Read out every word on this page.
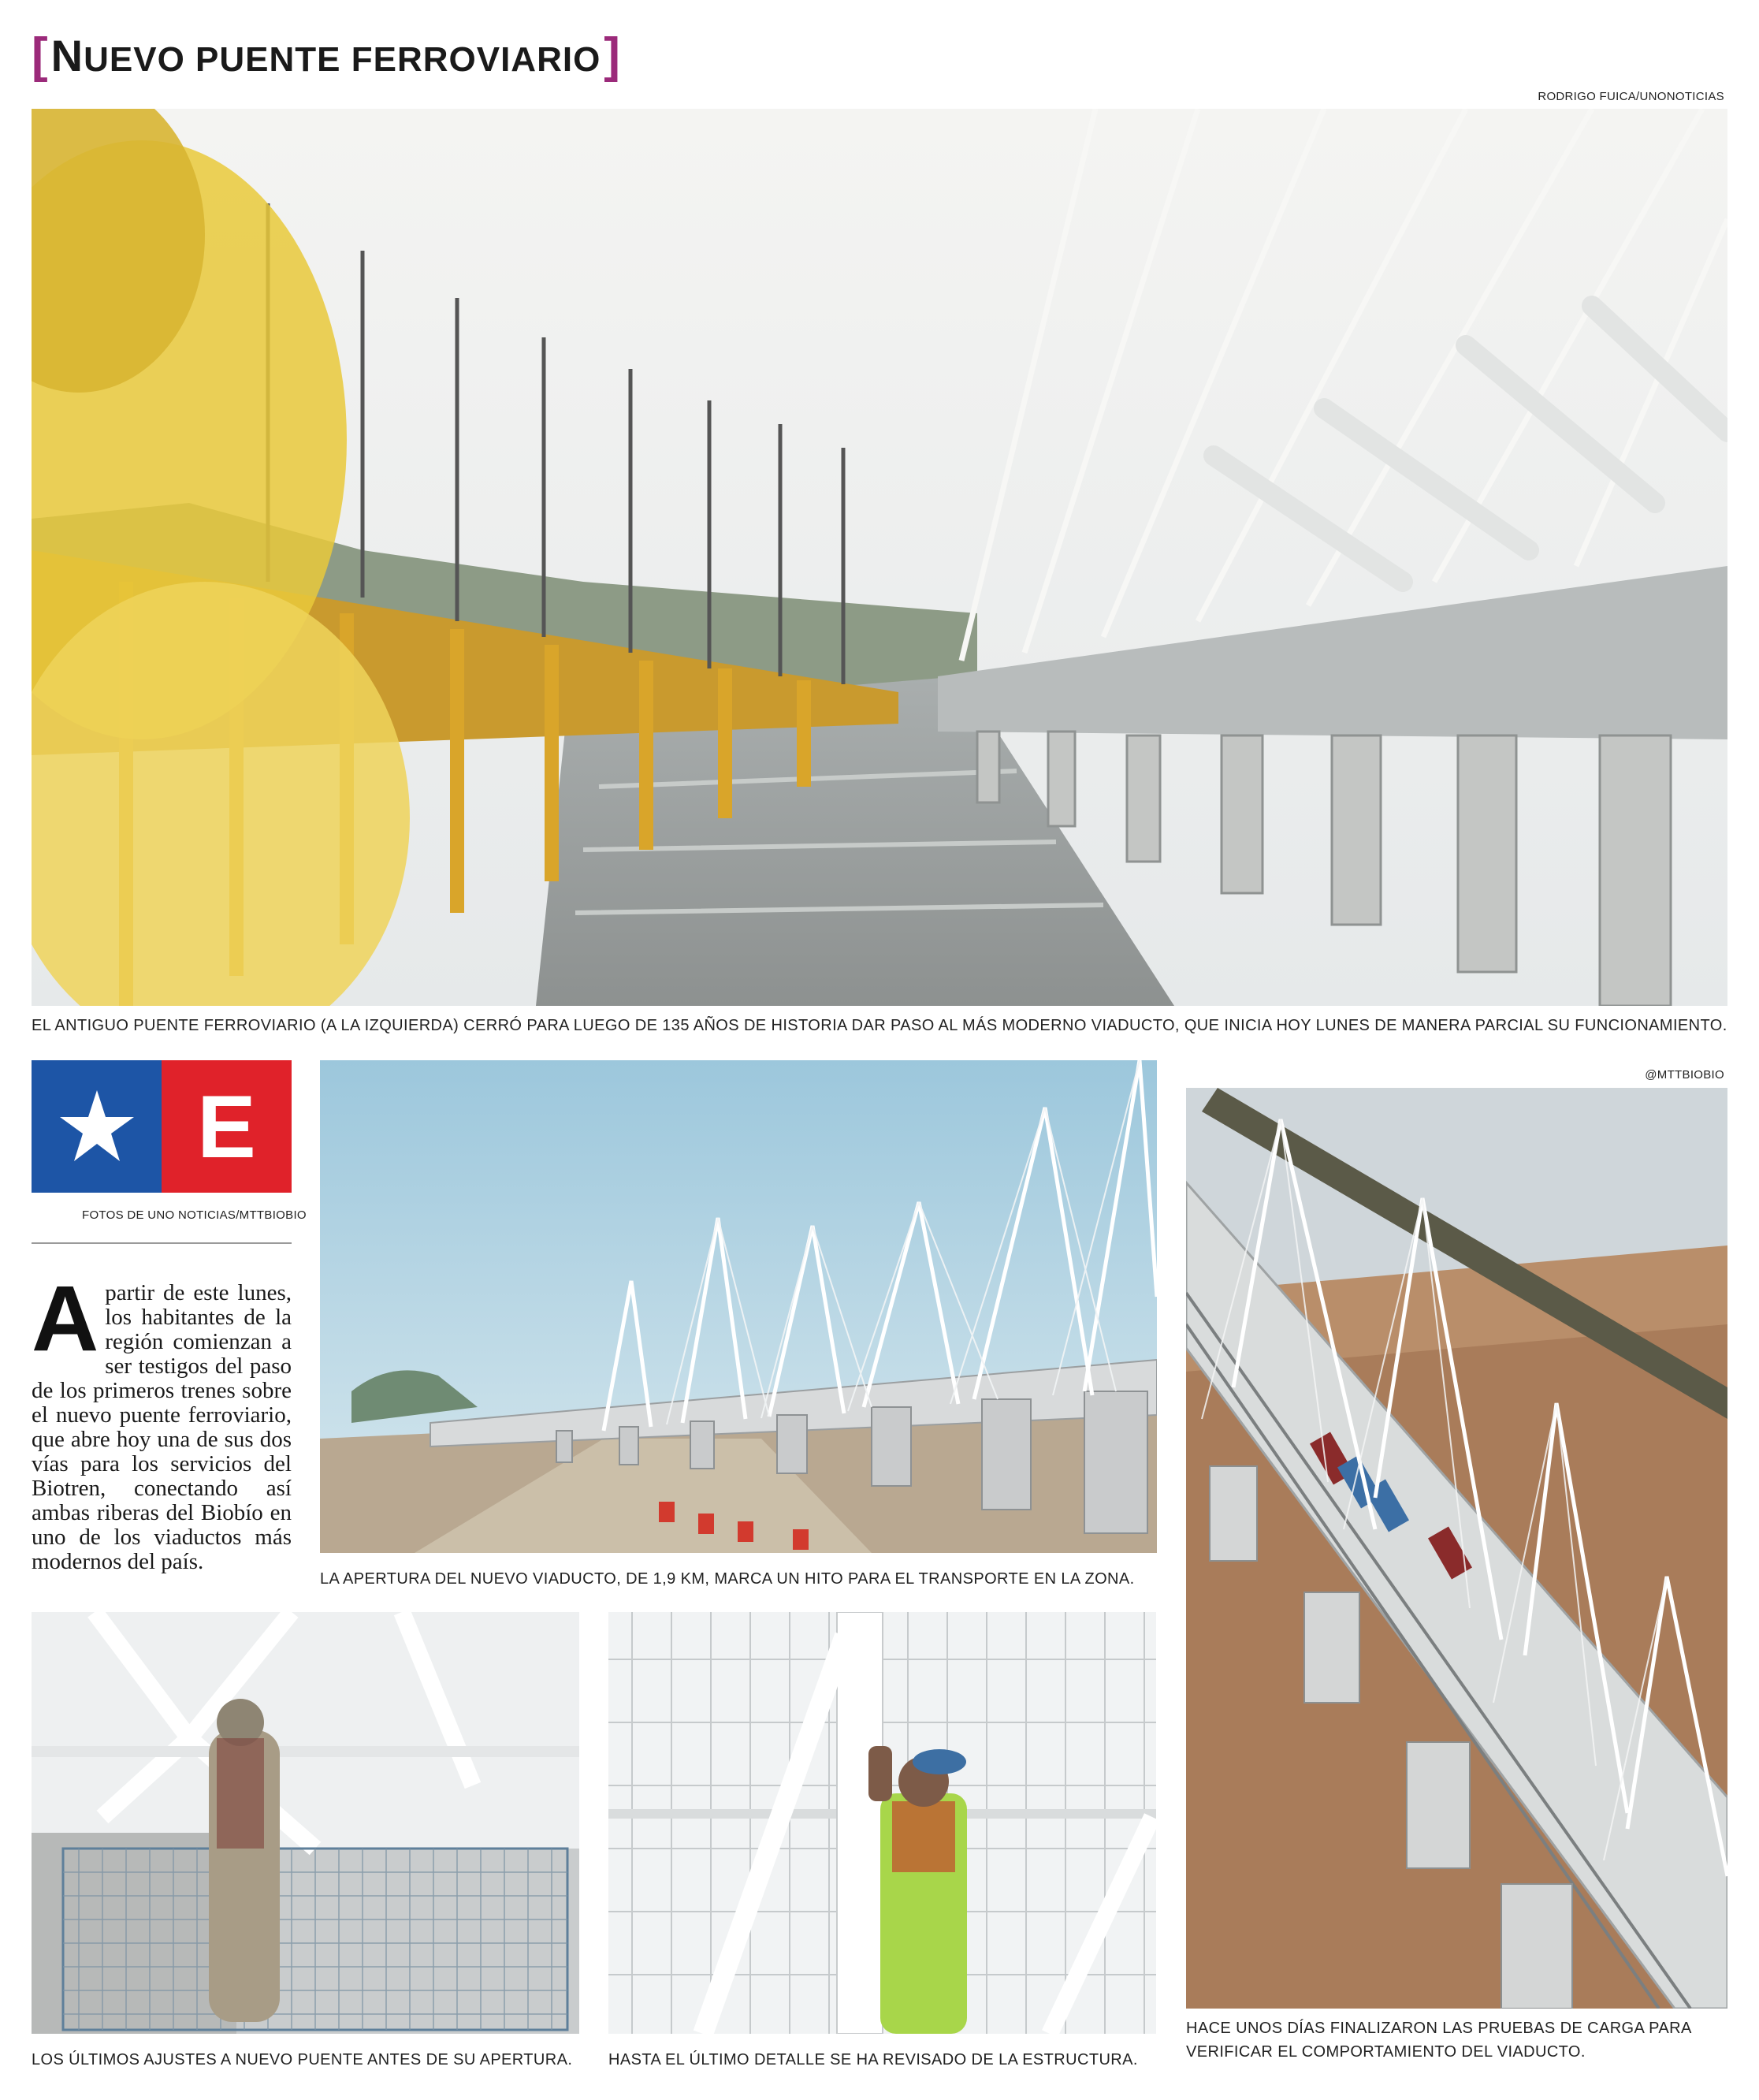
[ NUEVO PUENTE FERROVIARIO ]
RODRIGO FUICA/UNONOTICIAS
EL ANTIGUO PUENTE FERROVIARIO (A LA IZQUIERDA) CERRÓ PARA LUEGO DE 135 AÑOS DE HISTORIA DAR PASO AL MÁS MODERNO VIADUCTO, QUE INICIA HOY LUNES DE MANERA PARCIAL SU FUNCIONAMIENTO.
E
FOTOS DE UNO NOTICIAS/MTTBIOBIO
Apartir de este lunes, los habitantes de la región comienzan a ser testigos del paso de los primeros trenes sobre el nuevo puente ferroviario, que abre hoy una de sus dos vías para los servicios del Biotren, conectando así ambas riberas del Biobío en uno de los viaductos más modernos del país.
LA APERTURA DEL NUEVO VIADUCTO, DE 1,9 KM, MARCA UN HITO PARA EL TRANSPORTE EN LA ZONA.
@MTTBIOBIO
HACE UNOS DÍAS FINALIZARON LAS PRUEBAS DE CARGA PARA VERIFICAR EL COMPORTAMIENTO DEL VIADUCTO.
LOS ÚLTIMOS AJUSTES A NUEVO PUENTE ANTES DE SU APERTURA. HASTA EL ÚLTIMO DETALLE SE HA REVISADO DE LA ESTRUCTURA.
